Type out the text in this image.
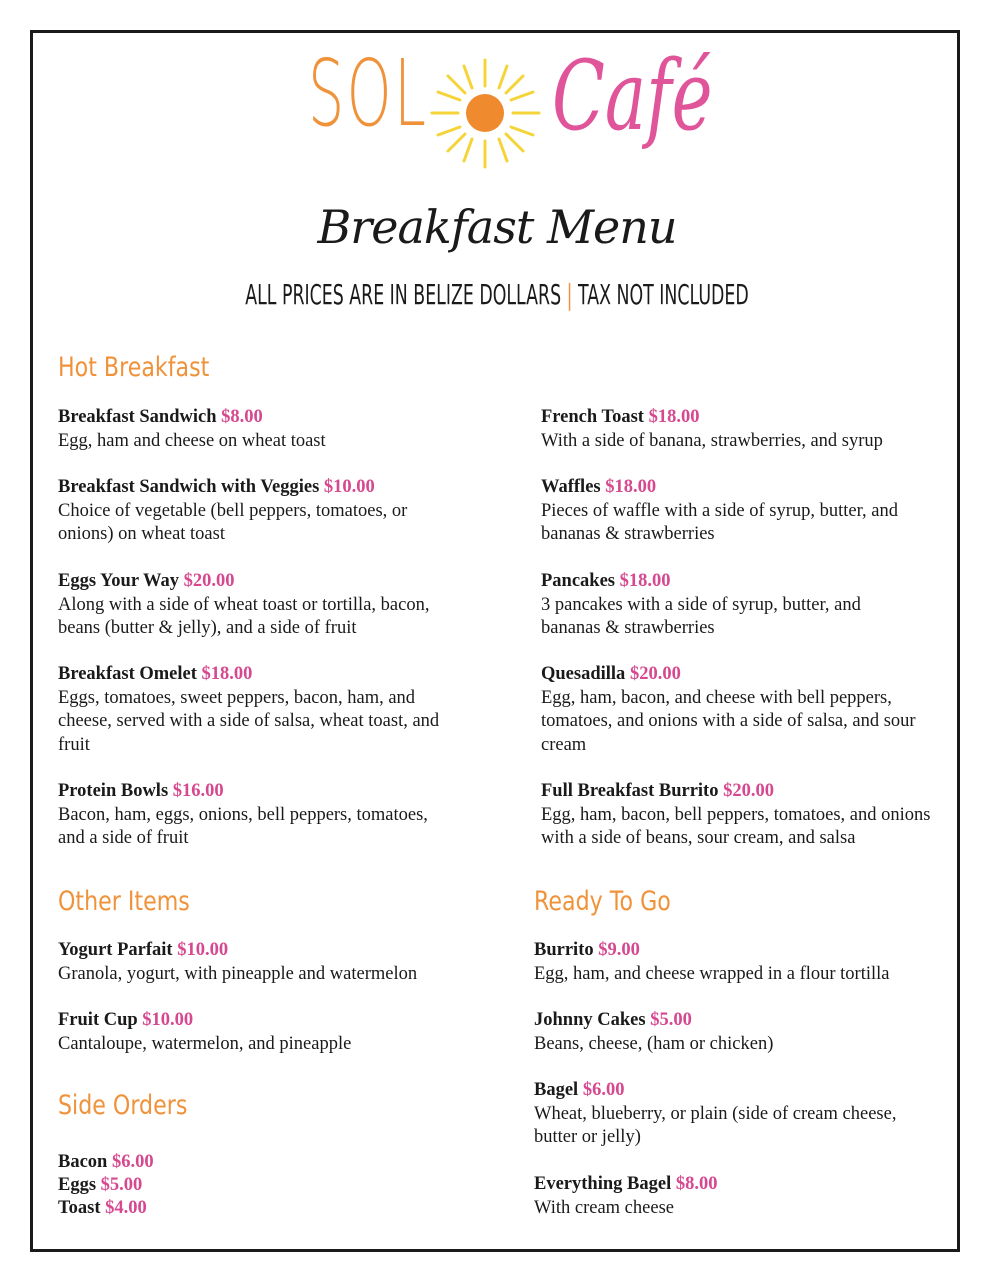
SOL Café
Breakfast Menu
ALL PRICES ARE IN BELIZE DOLLARS | TAX NOT INCLUDED
Hot Breakfast
Breakfast Sandwich $8.00
Egg, ham and cheese on wheat toast
Breakfast Sandwich with Veggies $10.00
Choice of vegetable (bell peppers, tomatoes, or onions) on wheat toast
Eggs Your Way $20.00
Along with a side of wheat toast or tortilla, bacon, beans (butter & jelly), and a side of fruit
Breakfast Omelet $18.00
Eggs, tomatoes, sweet peppers, bacon, ham, and cheese, served with a side of salsa, wheat toast, and fruit
Protein Bowls $16.00
Bacon, ham, eggs, onions, bell peppers, tomatoes, and a side of fruit
French Toast $18.00
With a side of banana, strawberries, and syrup
Waffles $18.00
Pieces of waffle with a side of syrup, butter, and bananas & strawberries
Pancakes $18.00
3 pancakes with a side of syrup, butter, and bananas & strawberries
Quesadilla $20.00
Egg, ham, bacon, and cheese with bell peppers, tomatoes, and onions with a side of salsa, and sour cream
Full Breakfast Burrito $20.00
Egg, ham, bacon, bell peppers, tomatoes, and onions with a side of beans, sour cream, and salsa
Other Items
Yogurt Parfait $10.00
Granola, yogurt, with pineapple and watermelon
Fruit Cup $10.00
Cantaloupe, watermelon, and pineapple
Side Orders
Bacon $6.00
Eggs $5.00
Toast $4.00
Ready To Go
Burrito $9.00
Egg, ham, and cheese wrapped in a flour tortilla
Johnny Cakes $5.00
Beans, cheese, (ham or chicken)
Bagel $6.00
Wheat, blueberry, or plain (side of cream cheese, butter or jelly)
Everything Bagel $8.00
With cream cheese
